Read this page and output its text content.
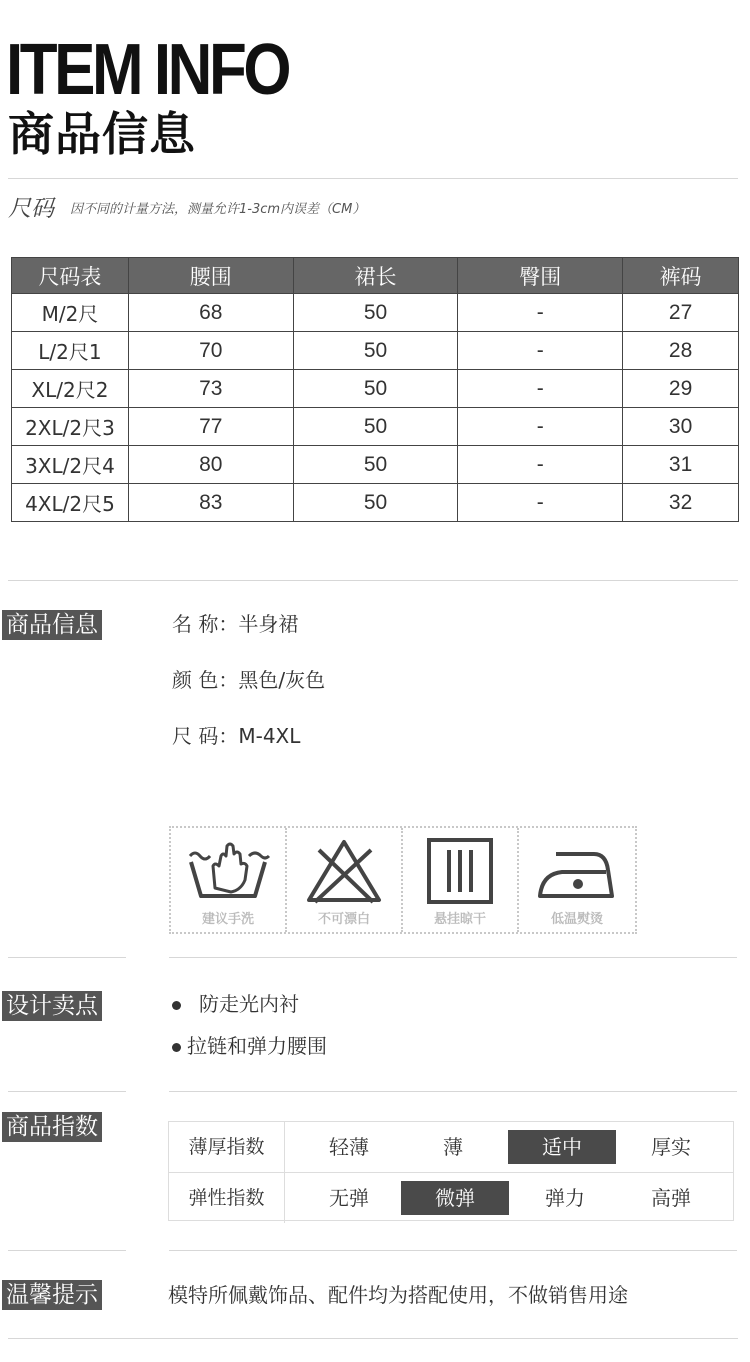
ITEM INFO
商品信息
尺码 因不同的计量方法，测量允许1-3cm内误差（CM）
尺码表	腰围	裙长	臀围	裤码
M/2尺	68	50	-	27
L/2尺1	70	50	-	28
XL/2尺2	73	50	-	29
2XL/2尺3	77	50	-	30
3XL/2尺4	80	50	-	31
4XL/2尺5	83	50	-	32
商品信息	名 称：半身裙
颜 色：黑色/灰色
尺 码：M-4XL
建议手洗	不可漂白	悬挂晾干	低温熨烫
设计卖点	防走光内衬
拉链和弹力腰围
商品指数
薄厚指数	轻薄	薄	适中	厚实
弹性指数	无弹	微弹	弹力	高弹
温馨提示	模特所佩戴饰品、配件均为搭配使用，不做销售用途
